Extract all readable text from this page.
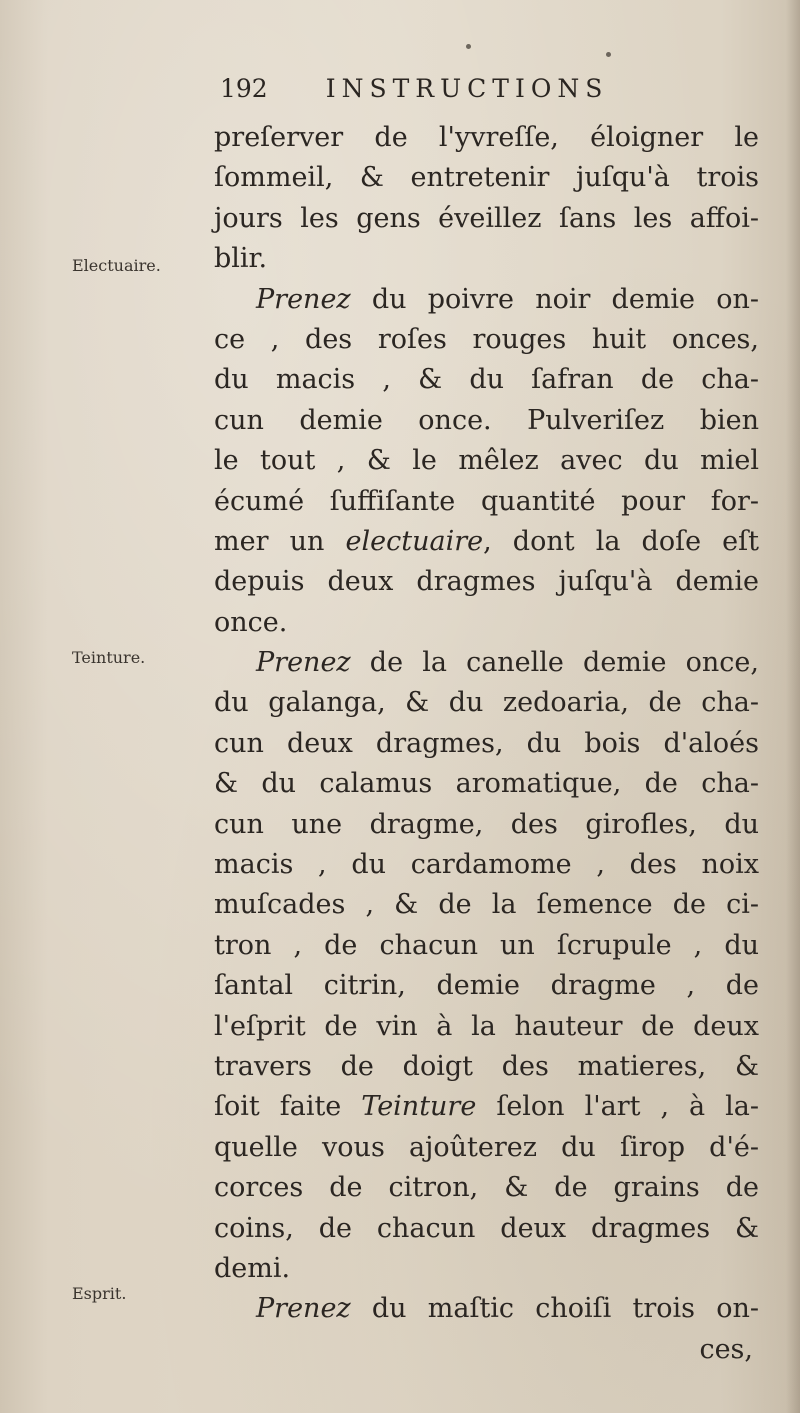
192 INSTRUCTIONS
Electuaire.
Teinture.
Esprit.
preſerver de l'yvreſſe, éloigner le
ſommeil, & entretenir juſqu'à trois
jours les gens éveillez ſans les affoi-
blir.
Prenez du poivre noir demie on-
ce , des roſes rouges huit onces,
du macis , & du ſafran de cha-
cun demie once. Pulveriſez bien
le tout , & le mêlez avec du miel
écumé ſuffiſante quantité pour for-
mer un electuaire, dont la doſe eſt
depuis deux dragmes juſqu'à demie
once.
Prenez de la canelle demie once,
du galanga, & du zedoaria, de cha-
cun deux dragmes, du bois d'aloés
& du calamus aromatique, de cha-
cun une dragme, des girofles, du
macis , du cardamome , des noix
muſcades , & de la ſemence de ci-
tron , de chacun un ſcrupule , du
ſantal citrin, demie dragme , de
l'eſprit de vin à la hauteur de deux
travers de doigt des matieres, &
ſoit faite Teinture ſelon l'art , à la-
quelle vous ajoûterez du ſirop d'é-
corces de citron, & de grains de
coins, de chacun deux dragmes &
demi.
Prenez du maſtic choiſi trois on-
ces,
